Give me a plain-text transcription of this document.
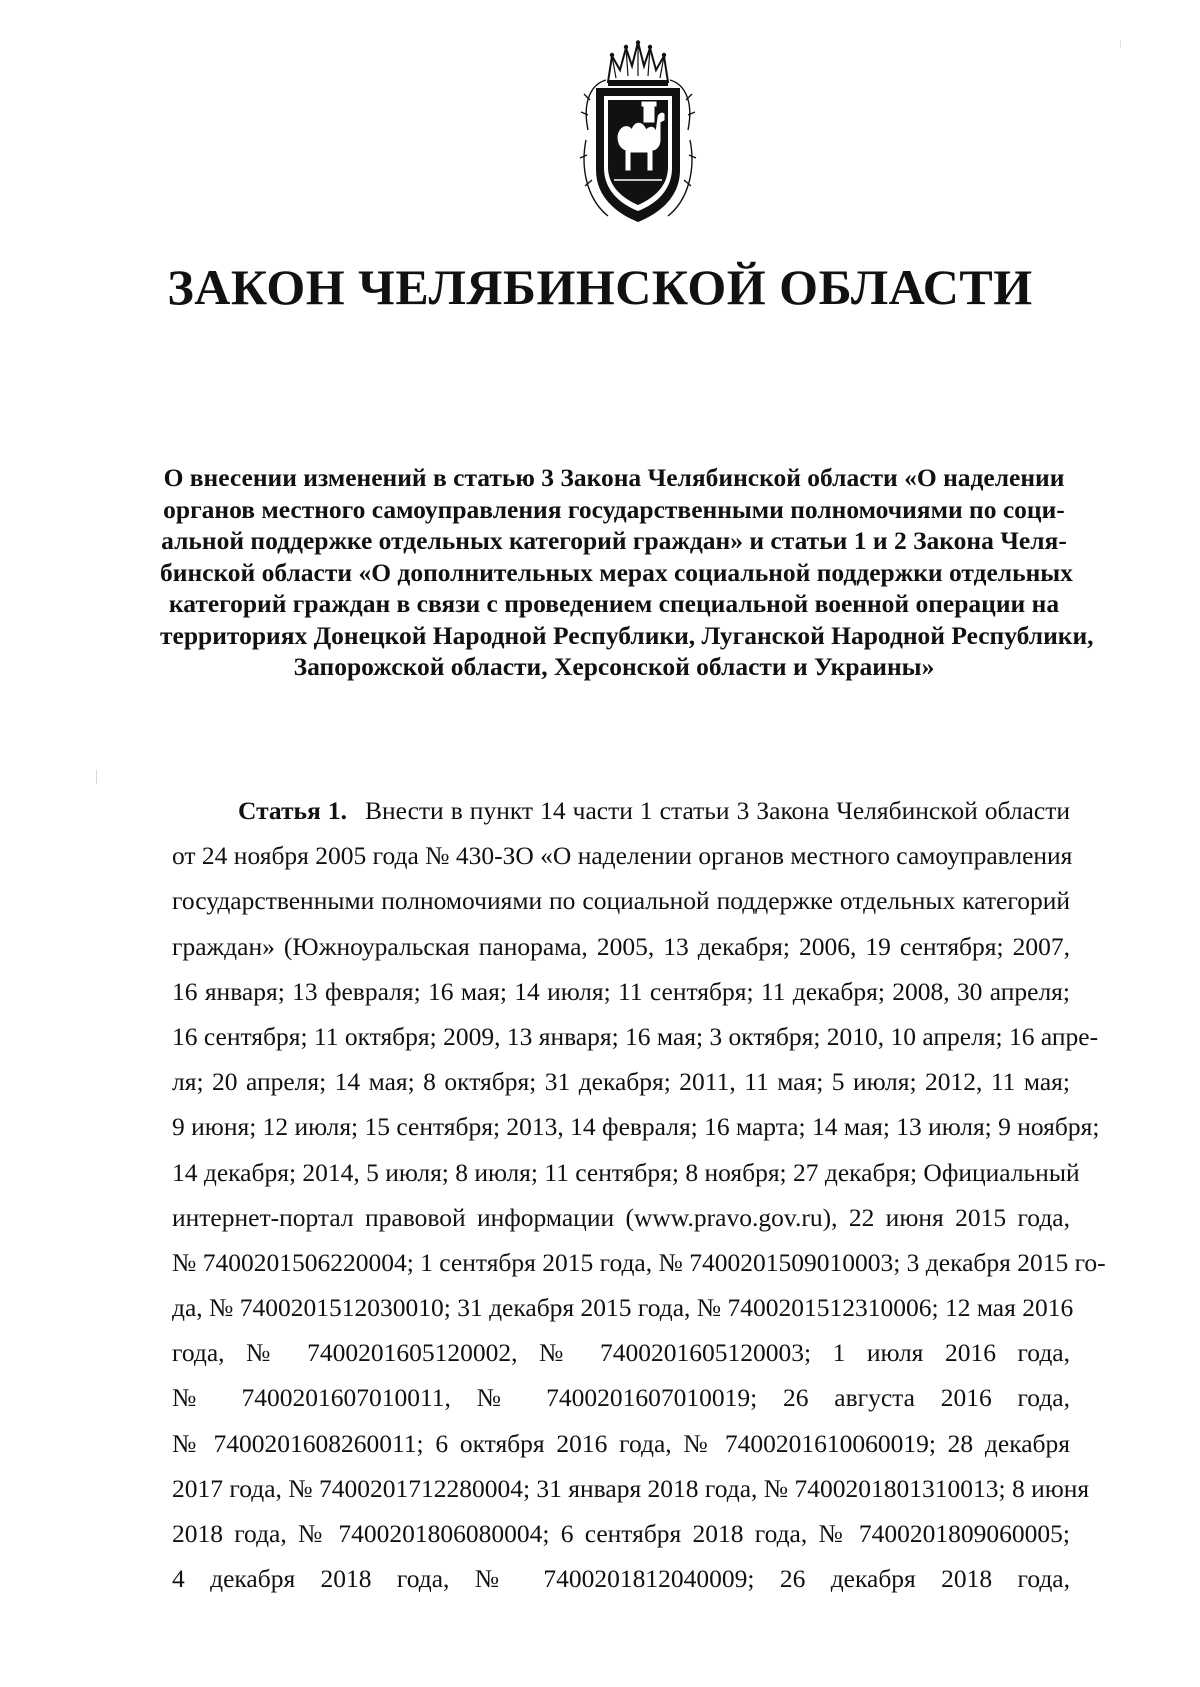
ЗАКОН ЧЕЛЯБИНСКОЙ ОБЛАСТИ
О внесении изменений в статью 3 Закона Челябинской области «О наделении
органов местного самоуправления государственными полномочиями по соци-
альной поддержке отдельных категорий граждан» и статьи 1 и 2 Закона Челя-
бинской области «О дополнительных мерах социальной поддержки отдельных
категорий граждан в связи с проведением специальной военной операции на
территориях Донецкой Народной Республики, Луганской Народной Республики,
Запорожской области, Херсонской области и Украины»
Статья 1. Внести в пункт 14 части 1 статьи 3 Закона Челябинской области
от 24 ноября 2005 года № 430-ЗО «О наделении органов местного самоуправления
государственными полномочиями по социальной поддержке отдельных категорий
граждан» (Южноуральская панорама, 2005, 13 декабря; 2006, 19 сентября; 2007,
16 января; 13 февраля; 16 мая; 14 июля; 11 сентября; 11 декабря; 2008, 30 апреля;
16 сентября; 11 октября; 2009, 13 января; 16 мая; 3 октября; 2010, 10 апреля; 16 апре-
ля; 20 апреля; 14 мая; 8 октября; 31 декабря; 2011, 11 мая; 5 июля; 2012, 11 мая;
9 июня; 12 июля; 15 сентября; 2013, 14 февраля; 16 марта; 14 мая; 13 июля; 9 ноября;
14 декабря; 2014, 5 июля; 8 июля; 11 сентября; 8 ноября; 27 декабря; Официальный
интернет-портал правовой информации (www.pravo.gov.ru), 22 июня 2015 года,
№ 7400201506220004; 1 сентября 2015 года, № 7400201509010003; 3 декабря 2015 го-
да, № 7400201512030010; 31 декабря 2015 года, № 7400201512310006; 12 мая 2016
года, № 7400201605120002, № 7400201605120003; 1 июля 2016 года,
№ 7400201607010011, № 7400201607010019; 26 августа 2016 года,
№ 7400201608260011; 6 октября 2016 года, № 7400201610060019; 28 декабря
2017 года, № 7400201712280004; 31 января 2018 года, № 7400201801310013; 8 июня
2018 года, № 7400201806080004; 6 сентября 2018 года, № 7400201809060005;
4 декабря 2018 года, № 7400201812040009; 26 декабря 2018 года,
